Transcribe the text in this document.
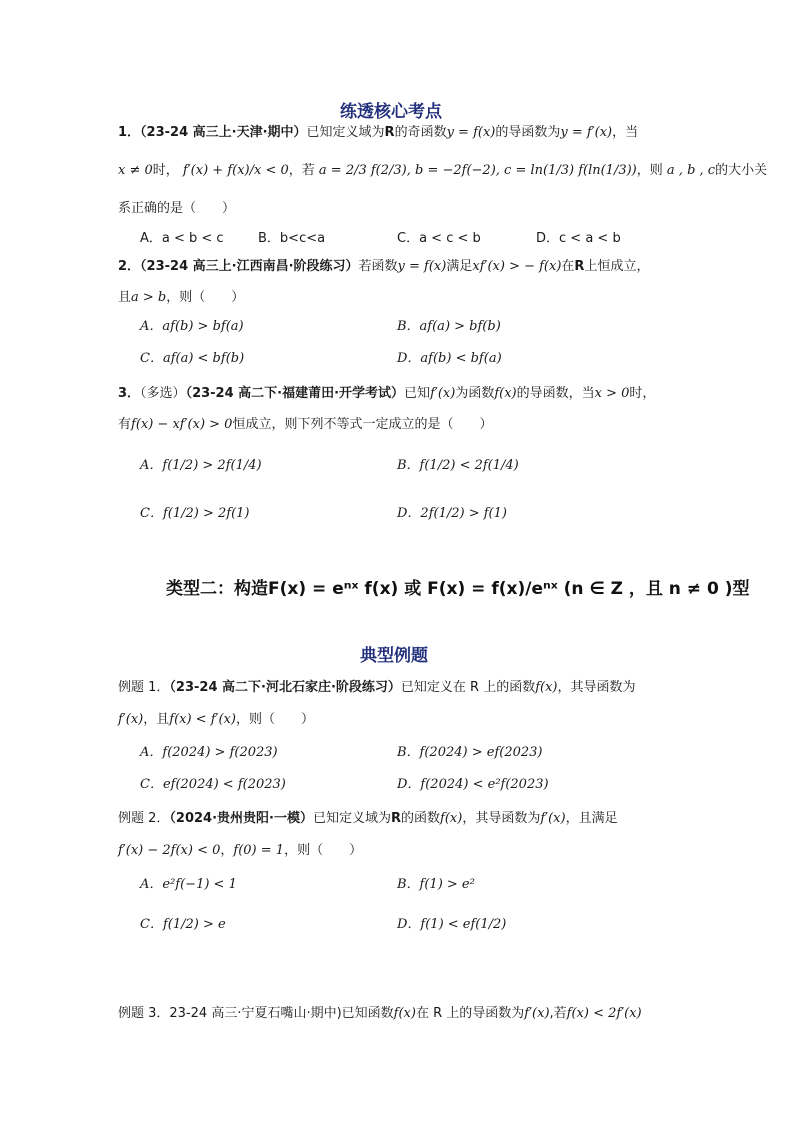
练透核心考点
1．（23-24 高三上·天津·期中）已知定义域为R的奇函数y = f(x)的导函数为y = f′(x)，当
x ≠ 0时， f′(x) + f(x)/x < 0，若 a = 2/3 f(2/3), b = −2f(−2), c = ln(1/3) f(ln(1/3))，则 a , b , c的大小关
系正确的是（　　）
A．a < b < c	B．b<c<a	C．a < c < b	D．c < a < b
2．（23-24 高三上·江西南昌·阶段练习）若函数y = f(x)满足xf′(x) > − f(x)在R上恒成立，
且a > b，则（　　）
A．af(b) > bf(a)	B．af(a) > bf(b)
C．af(a) < bf(b)	D．af(b) < bf(a)
3．（多选）（23-24 高二下·福建莆田·开学考试）已知f′(x)为函数f(x)的导函数，当x > 0时，
有f(x) − xf′(x) > 0恒成立，则下列不等式一定成立的是（　　）
A．f(1/2) > 2f(1/4)	B．f(1/2) < 2f(1/4)
C．f(1/2) > 2f(1)	D．2f(1/2) > f(1)
类型二：构造F(x) = eⁿˣ f(x) 或 F(x) = f(x)/eⁿˣ (n ∈ Z ，且 n ≠ 0 )型
典型例题
例题 1．（23-24 高二下·河北石家庄·阶段练习）已知定义在 R 上的函数f(x)，其导函数为
f′(x)，且f(x) < f′(x)，则（　　）
A．f(2024) > f(2023)	B．f(2024) > ef(2023)
C．ef(2024) < f(2023)	D．f(2024) < e²f(2023)
例题 2．（2024·贵州贵阳·一模）已知定义域为R的函数f(x)，其导函数为f′(x)，且满足
f′(x) − 2f(x) < 0，f(0) = 1，则（　　）
A．e²f(−1) < 1	B．f(1) > e²
C．f(1/2) > e	D．f(1) < ef(1/2)
例题 3．23-24 高三·宁夏石嘴山·期中)已知函数f(x)在 R 上的导函数为f′(x),若f(x) < 2f′(x)
